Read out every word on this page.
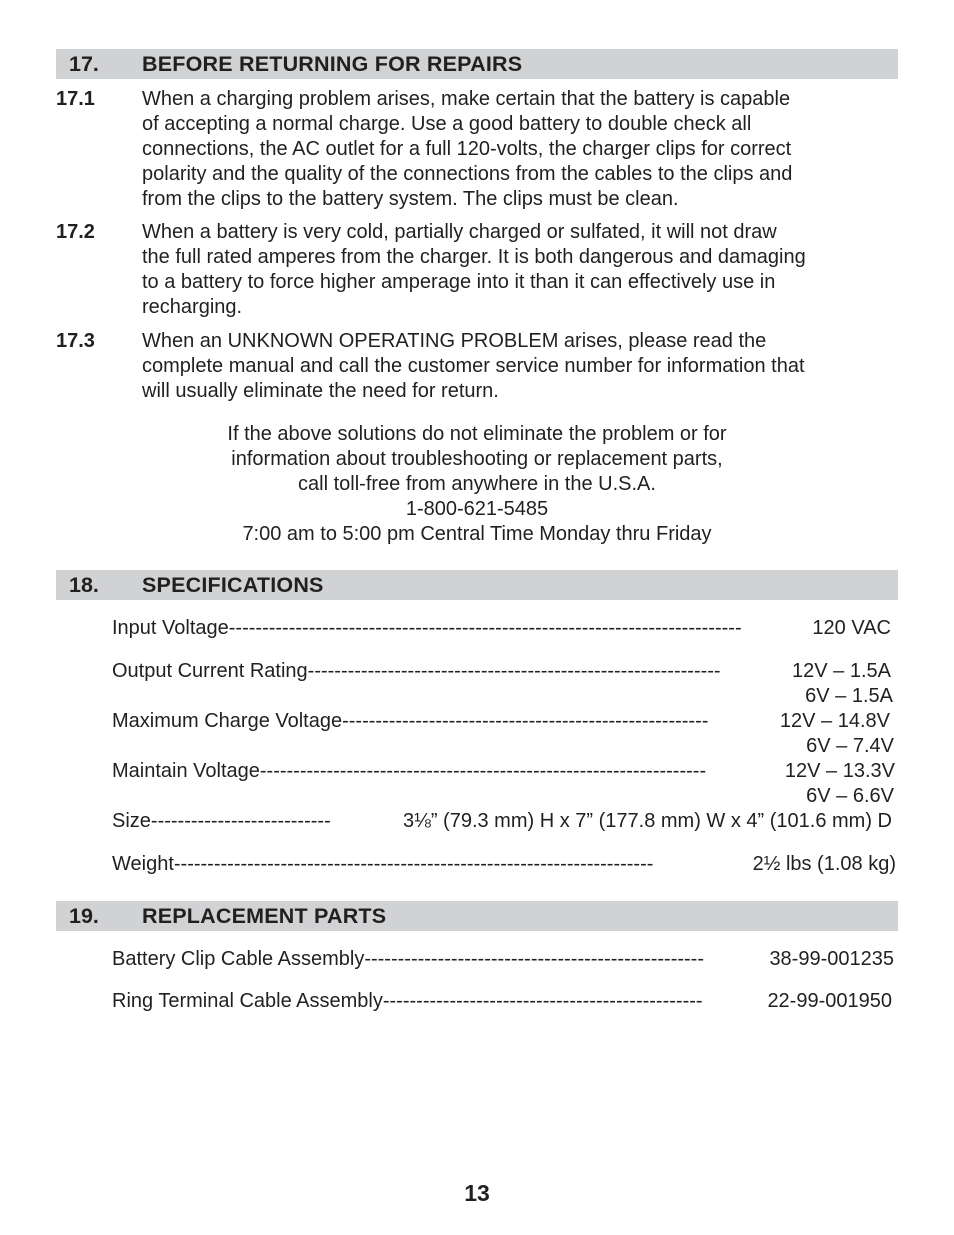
17. BEFORE RETURNING FOR REPAIRS
17.1 When a charging problem arises, make certain that the battery is capable
of accepting a normal charge. Use a good battery to double check all
connections, the AC outlet for a full 120-volts, the charger clips for correct
polarity and the quality of the connections from the cables to the clips and
from the clips to the battery system. The clips must be clean.
17.2 When a battery is very cold, partially charged or sulfated, it will not draw
the full rated amperes from the charger. It is both dangerous and damaging
to a battery to force higher amperage into it than it can effectively use in
recharging.
17.3 When an UNKNOWN OPERATING PROBLEM arises, please read the
complete manual and call the customer service number for information that
will usually eliminate the need for return.
If the above solutions do not eliminate the problem or for
information about troubleshooting or replacement parts,
call toll-free from anywhere in the U.S.A.
1-800-621-5485
7:00 am to 5:00 pm Central Time Monday thru Friday
18. SPECIFICATIONS
Input Voltage-----------------------------------------------------------------------------	120 VAC
Output Current Rating--------------------------------------------------------------	12V – 1.5A
6V – 1.5A
Maximum Charge Voltage-------------------------------------------------------	12V – 14.8V
6V – 7.4V
Maintain Voltage-------------------------------------------------------------------	12V – 13.3V
6V – 6.6V
Size---------------------------	3⅛” (79.3 mm) H x 7” (177.8 mm) W x 4” (101.6 mm) D
Weight------------------------------------------------------------------------	2½ lbs (1.08 kg)
19. REPLACEMENT PARTS
Battery Clip Cable Assembly---------------------------------------------------	38-99-001235
Ring Terminal Cable Assembly------------------------------------------------	22-99-001950
13
